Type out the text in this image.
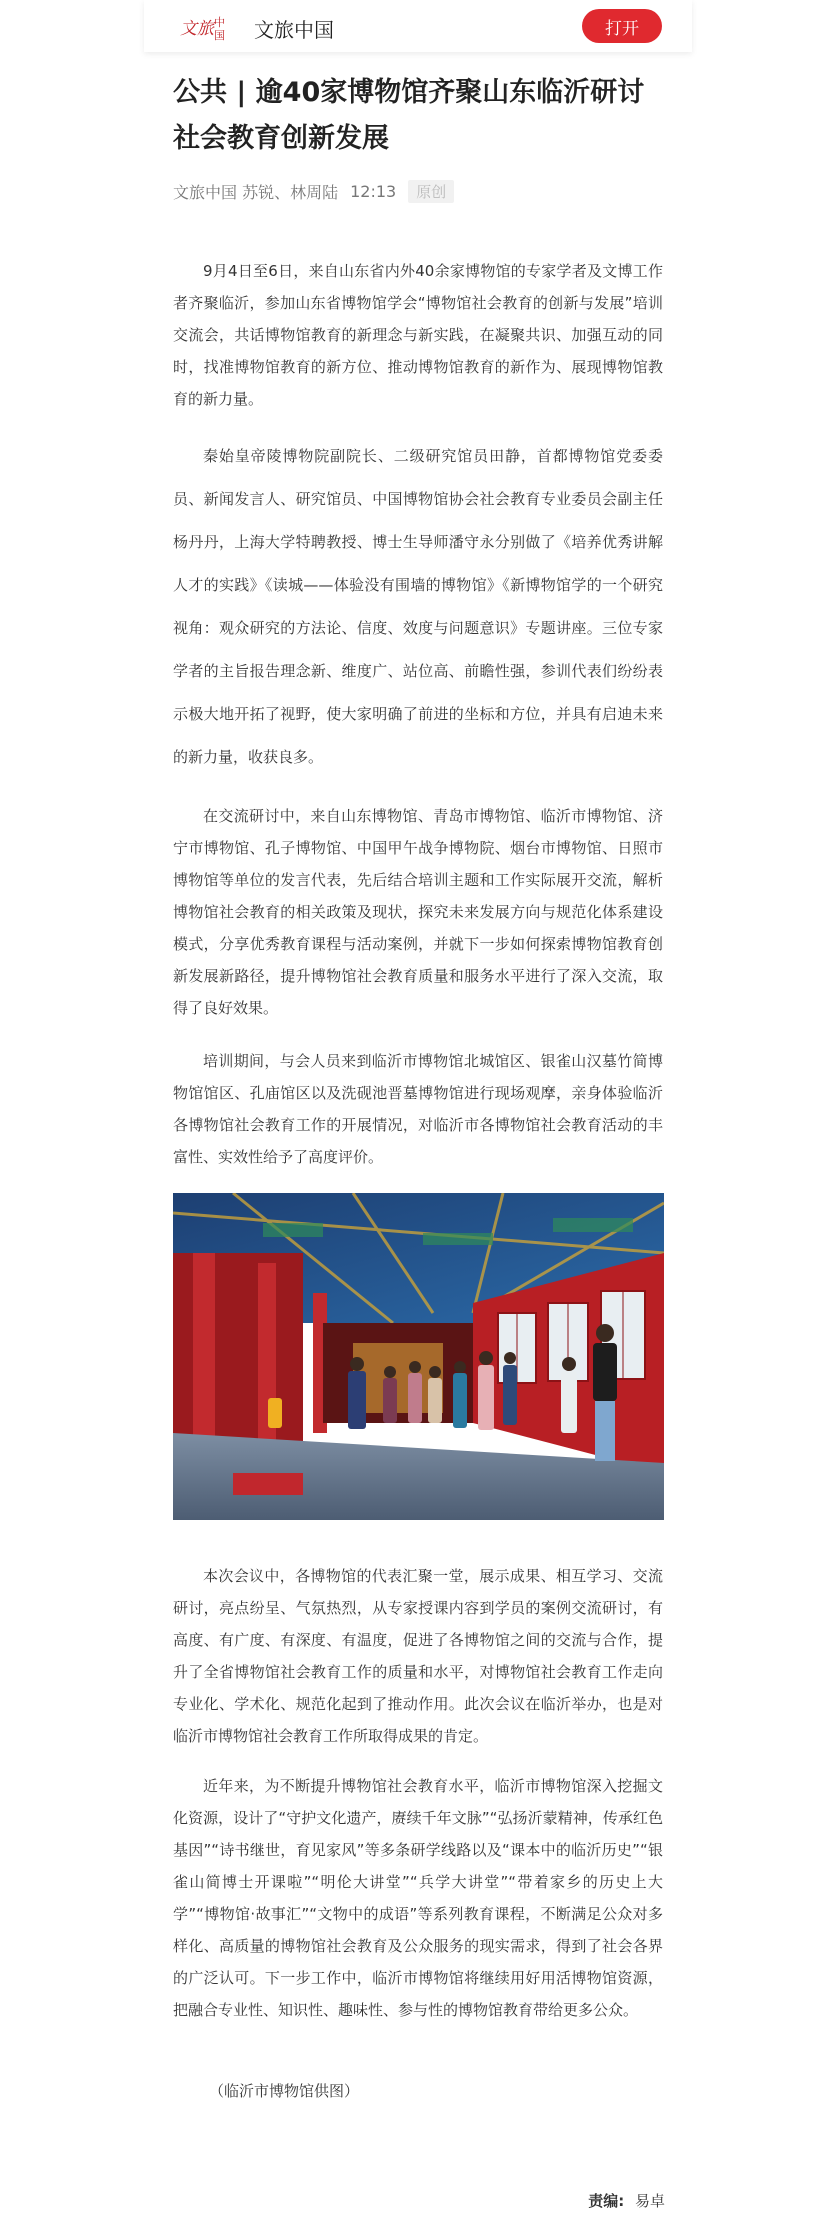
文旅 中
国 文旅中国	打开
公共 | 逾40家博物馆齐聚山东临沂研讨社会教育创新发展
文旅中国 苏锐、林周陆 12:13	原创

9月4日至6日，来自山东省内外40余家博物馆的专家学者及文博工作者齐聚临沂，参加山东省博物馆学会“博物馆社会教育的创新与发展”培训交流会，共话博物馆教育的新理念与新实践，在凝聚共识、加强互动的同时，找准博物馆教育的新方位、推动博物馆教育的新作为、展现博物馆教育的新力量。

秦始皇帝陵博物院副院长、二级研究馆员田静，首都博物馆党委委员、新闻发言人、研究馆员、中国博物馆协会社会教育专业委员会副主任杨丹丹，上海大学特聘教授、博士生导师潘守永分别做了《培养优秀讲解人才的实践》《读城——体验没有围墙的博物馆》《新博物馆学的一个研究视角：观众研究的方法论、信度、效度与问题意识》专题讲座。三位专家学者的主旨报告理念新、维度广、站位高、前瞻性强，参训代表们纷纷表示极大地开拓了视野，使大家明确了前进的坐标和方位，并具有启迪未来的新力量，收获良多。

在交流研讨中，来自山东博物馆、青岛市博物馆、临沂市博物馆、济宁市博物馆、孔子博物馆、中国甲午战争博物院、烟台市博物馆、日照市博物馆等单位的发言代表，先后结合培训主题和工作实际展开交流，解析博物馆社会教育的相关政策及现状，探究未来发展方向与规范化体系建设模式，分享优秀教育课程与活动案例，并就下一步如何探索博物馆教育创新发展新路径，提升博物馆社会教育质量和服务水平进行了深入交流，取得了良好效果。

培训期间，与会人员来到临沂市博物馆北城馆区、银雀山汉墓竹简博物馆馆区、孔庙馆区以及洗砚池晋墓博物馆进行现场观摩，亲身体验临沂各博物馆社会教育工作的开展情况，对临沂市各博物馆社会教育活动的丰富性、实效性给予了高度评价。

本次会议中，各博物馆的代表汇聚一堂，展示成果、相互学习、交流研讨，亮点纷呈、气氛热烈，从专家授课内容到学员的案例交流研讨，有高度、有广度、有深度、有温度，促进了各博物馆之间的交流与合作，提升了全省博物馆社会教育工作的质量和水平，对博物馆社会教育工作走向专业化、学术化、规范化起到了推动作用。此次会议在临沂举办，也是对临沂市博物馆社会教育工作所取得成果的肯定。

近年来，为不断提升博物馆社会教育水平，临沂市博物馆深入挖掘文化资源，设计了“守护文化遗产，赓续千年文脉”“弘扬沂蒙精神，传承红色基因”“诗书继世，育见家风”等多条研学线路以及“课本中的临沂历史”“银雀山简博士开课啦”“明伦大讲堂”“兵学大讲堂”“带着家乡的历史上大学”“博物馆·故事汇”“文物中的成语”等系列教育课程，不断满足公众对多样化、高质量的博物馆社会教育及公众服务的现实需求，得到了社会各界的广泛认可。下一步工作中，临沂市博物馆将继续用好用活博物馆资源，把融合专业性、知识性、趣味性、参与性的博物馆教育带给更多公众。

（临沂市博物馆供图）
责编: 易卓
